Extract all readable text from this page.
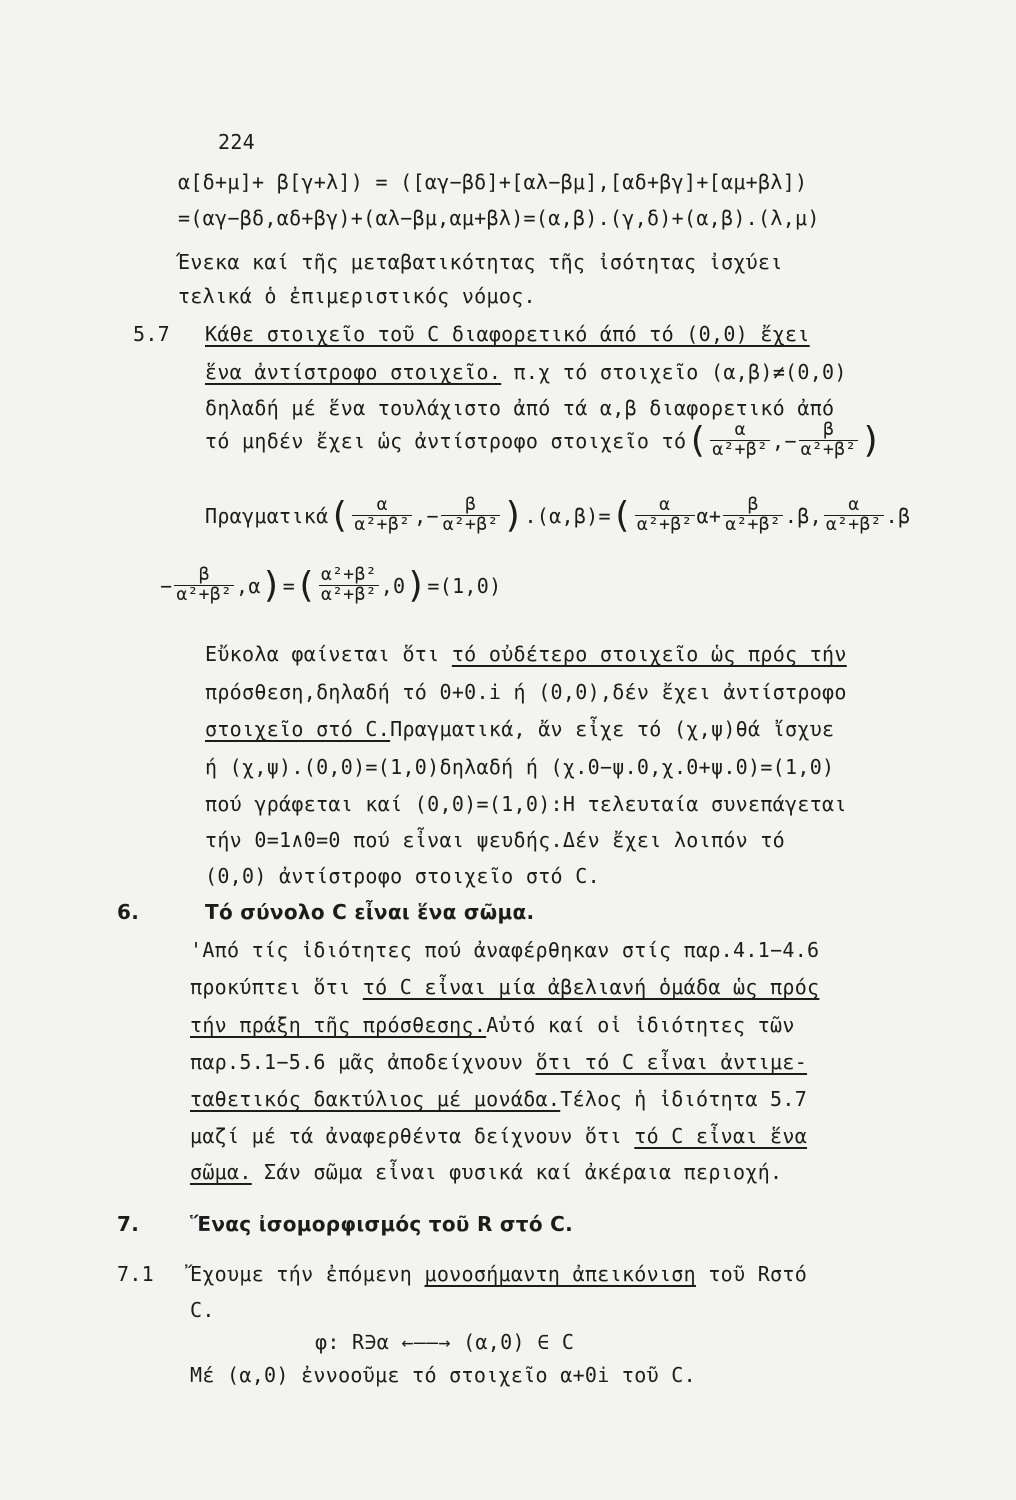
224
α[δ+μ]+ β[γ+λ]) = ([αγ−βδ]+[αλ−βμ],[αδ+βγ]+[αμ+βλ])
=(αγ−βδ,αδ+βγ)+(αλ−βμ,αμ+βλ)=(α,β).(γ,δ)+(α,β).(λ,μ)
Ένεκα καί τῆς μεταβατικότητας τῆς ἰσότητας ἰσχύει
τελικά ὁ ἐπιμεριστικός νόμος.
5.7 Κάθε στοιχεῖο τοῦ C διαφορετικό άπό τό (0,0) ἔχει
ἕνα ἀντίστροφο στοιχεῖο. π.χ τό στοιχεῖο (α,β)≠(0,0)
δηλαδή μέ ἕνα τουλάχιστο ἀπό τά α,β διαφορετικό ἀπό
τό μηδέν ἔχει ὡς ἀντίστροφο στοιχεῖο τό ( $\frac{\alpha}{\text{α²+β²}}$ ,− $\frac{\beta}{\text{α²+β²}}$ )
Πραγματικά ( $\frac{\alpha}{\text{α²+β²}}$ ,− $\frac{\beta}{\text{α²+β²}}$ ) .(α,β)= ( $\frac{\alpha}{\text{α²+β²}} \alpha+ \frac{\beta}{\text{α²+β²}} .\beta$, $\frac{\alpha}{\text{α²+β²}} .\beta$
− $\frac{\beta}{\text{α²+β²}} ,\alpha$ ) = ( $\frac{\text{α²+β²}}{\text{α²+β²}} ,0$ ) =(1,0)
Εὔκολα φαίνεται ὅτι τό οὐδέτερο στοιχεῖο ὡς πρός τήν
πρόσθεση,δηλαδή τό 0+0.i ή (0,0),δέν ἔχει ἀντίστροφο
στοιχεῖο στό C.Πραγματικά, ἄν εἶχε τό (χ,ψ)θά ἴσχυε
ή (χ,ψ).(0,0)=(1,0)δηλαδή ή (χ.0−ψ.0,χ.0+ψ.0)=(1,0)
πού γράφεται καί (0,0)=(1,0):Η τελευταία συνεπάγεται
τήν 0=1∧0=0 πού εἶναι ψευδής.Δέν ἔχει λοιπόν τό
(0,0) ἀντίστροφο στοιχεῖο στό C.
6.	Τό σύνολο C εἶναι ἕνα σῶμα.
'Από τίς ἰδιότητες πού ἀναφέρθηκαν στίς παρ.4.1−4.6
προκύπτει ὅτι τό C εἶναι μία ἀβελιανή ὁμάδα ὡς πρός
τήν πράξη τῆς πρόσθεσης.Αὐτό καί οἱ ἰδιότητες τῶν
παρ.5.1−5.6 μᾶς ἀποδείχνουν ὅτι τό C εἶναι ἀντιμε-
ταθετικός δακτύλιος μέ μονάδα.Τέλος ἡ ἰδιότητα 5.7
μαζί μέ τά ἀναφερθέντα δείχνουν ὅτι τό C εἶναι ἕνα
σῶμα. Σάν σῶμα εἶναι φυσικά καί ἀκέραια περιοχή.
7.	Ἕνας ἰσομορφισμός τοῦ R στό C.
7.1 Ἔχουμε τήν ἐπόμενη μονοσήμαντη ἀπεικόνιση τοῦ Rστό
C.
φ: R∋α ←——→ (α,0) ∈ C
Μέ (α,0) ἐννοοῦμε τό στοιχεῖο α+0i τοῦ C.
